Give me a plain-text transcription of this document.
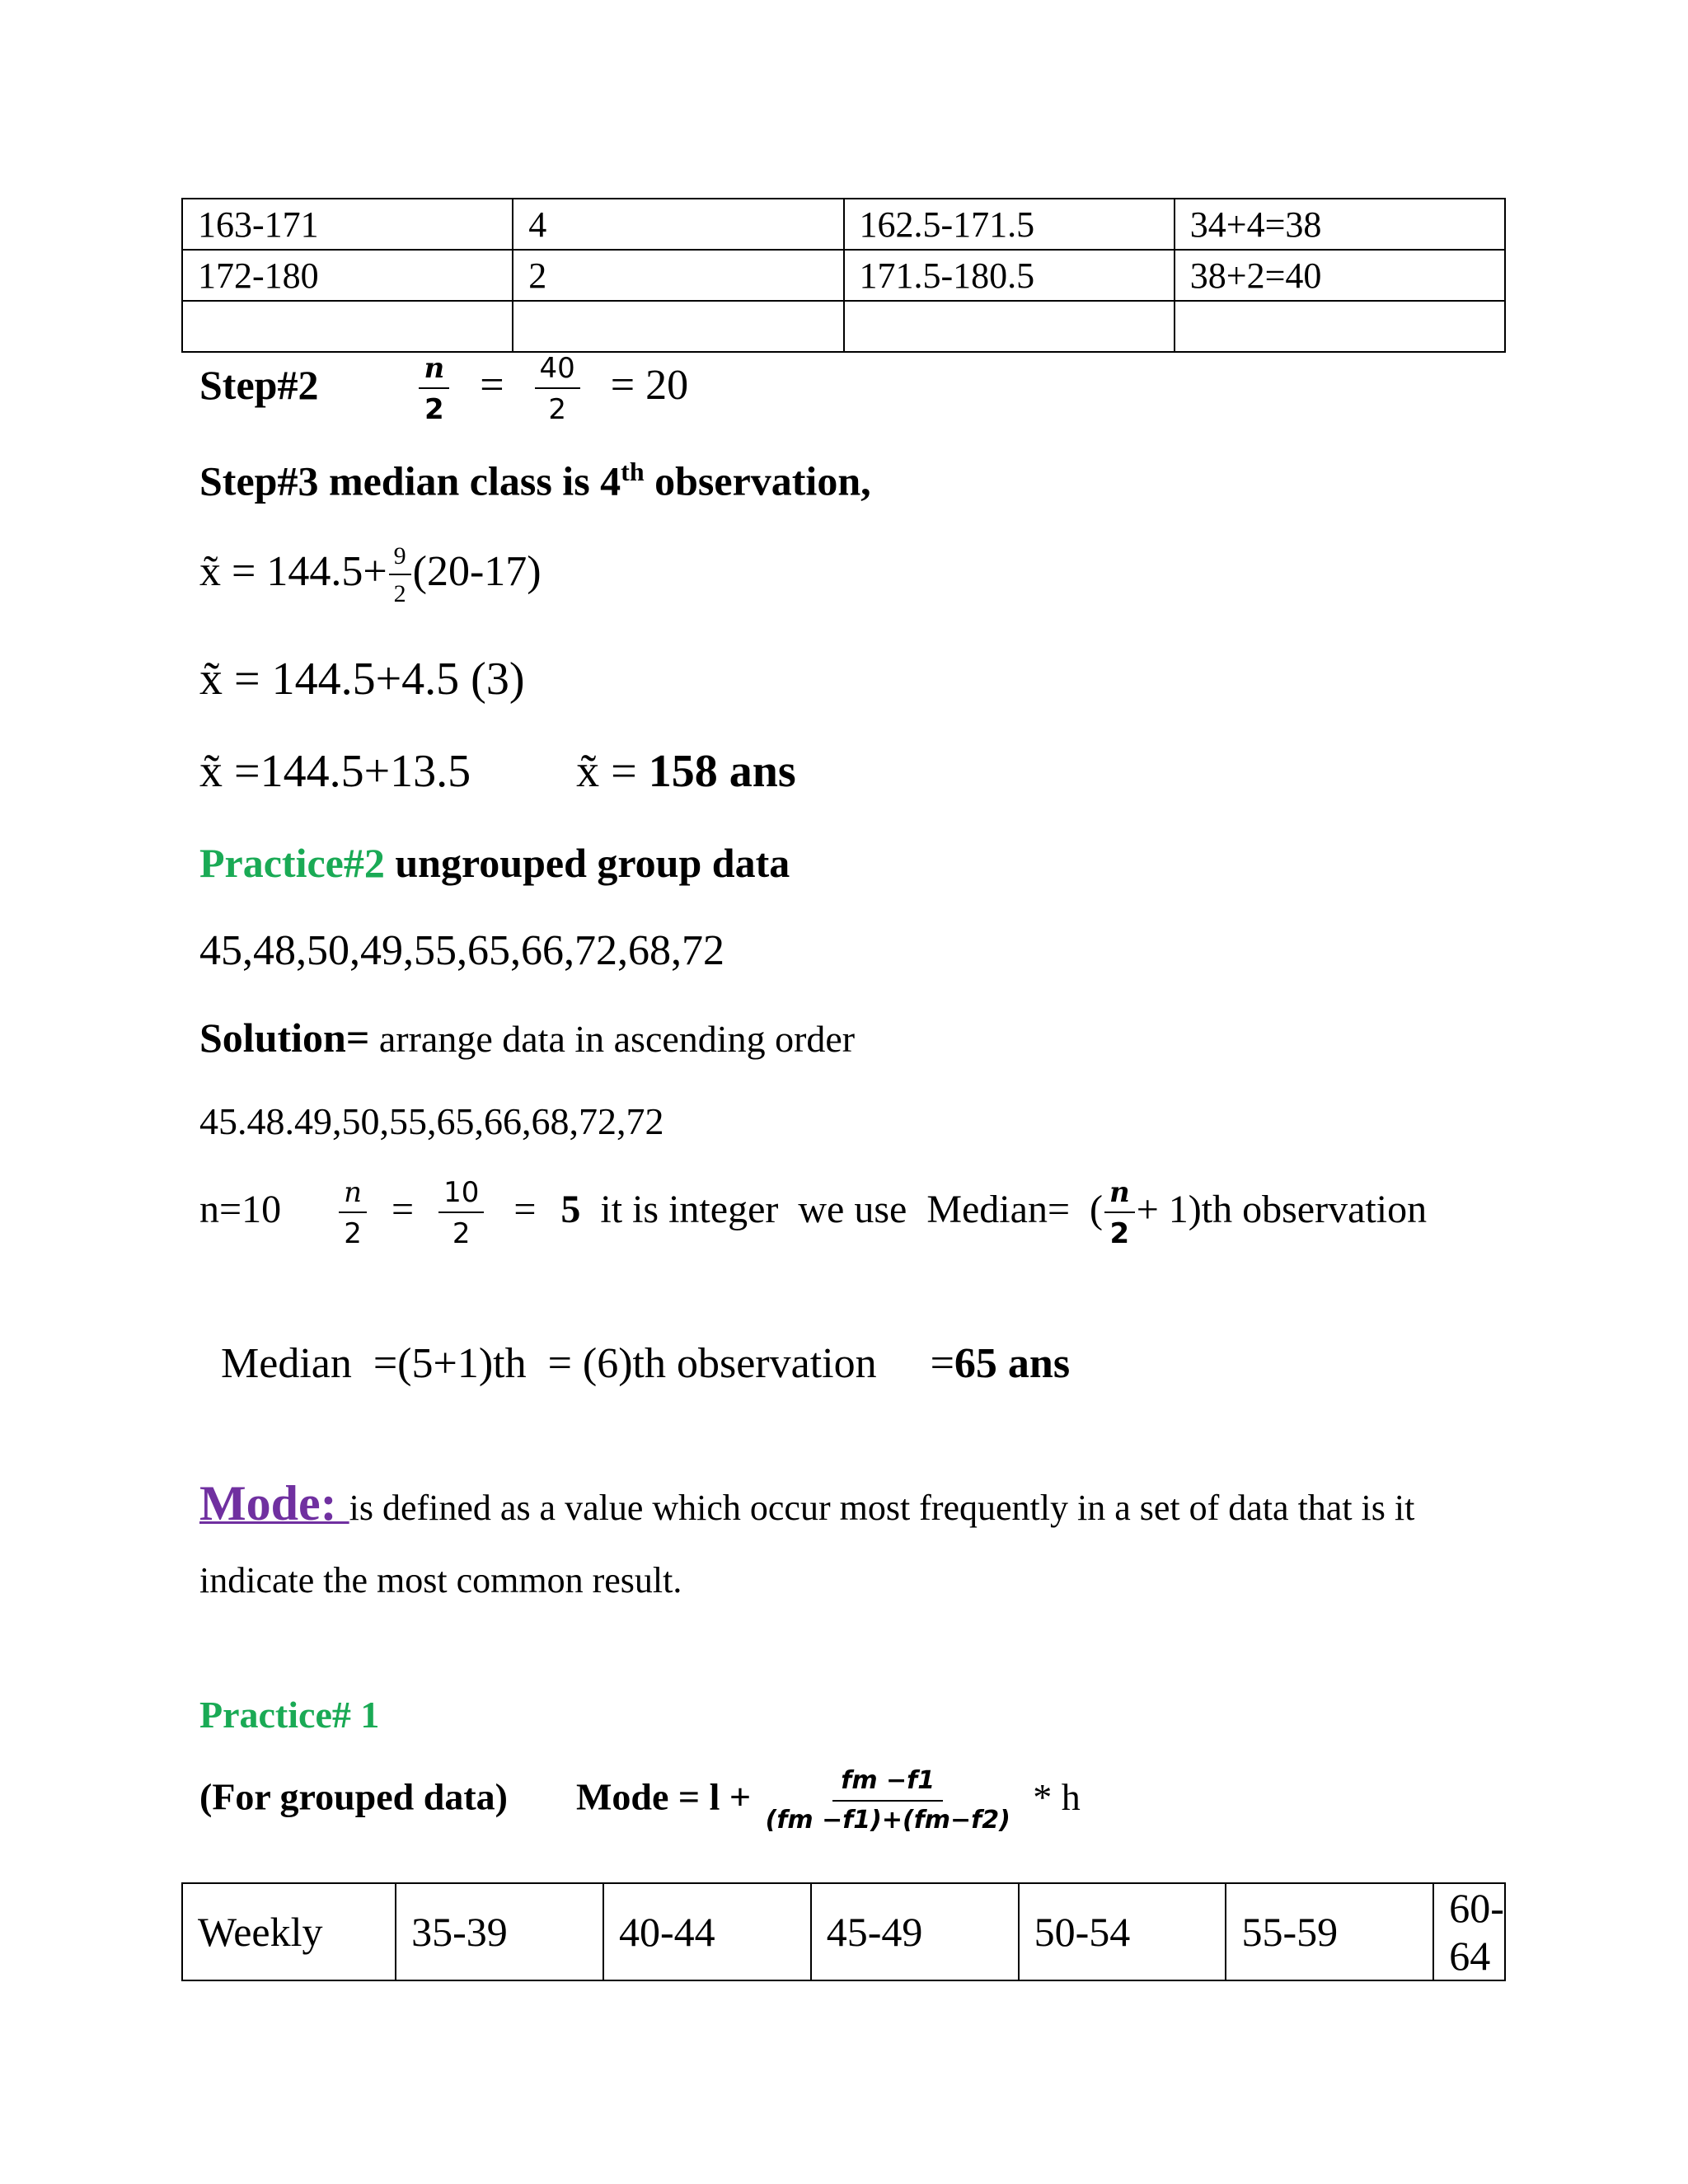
163-171	4	162.5-171.5	34+4=38
172-180	2	171.5-180.5	38+2=40

Step#2	$\frac{n}{2} = \frac{40}{2} = 20$
Step#3 median class is 4th observation,
x̃ = $144.5+ \frac{9}{2} (20-17)$
x̃ = 144.5+4.5 (3)
x̃ =144.5+13.5 x̃ = 158 ans
Practice#2 ungrouped group data
45,48,50,49,55,65,66,72,68,72
Solution= arrange data in ascending order
45.48.49,50,55,65,66,68,72,72
$n=10 \frac{n}{2} = \frac{10}{2} = 5$  it is integer  we use  Median=  ( $\frac{n}{2} + 1)th$ observation

Median  =(5+1)th  = (6)th observation     =65 ans

Mode: is defined as a value which occur most frequently in a set of data that is it
indicate the most common result.
Practice# 1
(For grouped data) Mode = $l + \frac{fm -f1}{(fm -f1)+(fm-f2)} * h$
Weekly	35-39	40-44	45-49	50-54	55-59	60-64
